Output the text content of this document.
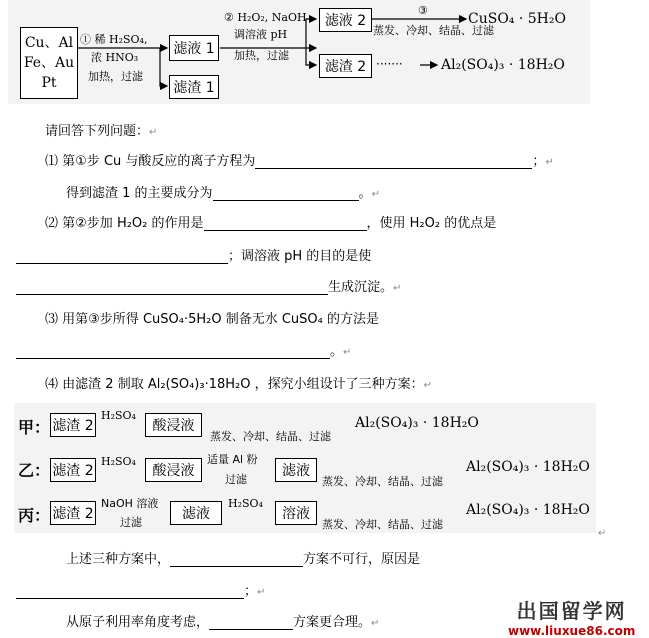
Cu、Al
Fe、Au
Pt
① 稀 H₂SO₄,
浓 HNO₃
加热，过滤
滤液 1
滤渣 1
② H₂O₂, NaOH
调溶液 pH
加热，过滤
滤液 2
滤渣 2
③
蒸发、冷却、结晶、过滤
CuSO₄ · 5H₂O
·······	Al₂(SO₄)₃ · 18H₂O
请回答下列问题：↵
⑴ 第①步 Cu 与酸反应的离子方程为	；↵
得到滤渣 1 的主要成分为	。↵
⑵ 第②步加 H₂O₂ 的作用是	，使用 H₂O₂ 的优点是
；调溶液 pH 的目的是使
生成沉淀。↵
⑶ 用第③步所得 CuSO₄·5H₂O 制备无水 CuSO₄ 的方法是
。↵
⑷ 由滤渣 2 制取 Al₂(SO₄)₃·18H₂O ，探究小组设计了三种方案：↵
甲： 滤渣 2
H₂SO₄
酸浸液
蒸发、冷却、结晶、过滤
Al₂(SO₄)₃ · 18H₂O
乙： 滤渣 2
H₂SO₄
酸浸液
适量 Al 粉
过滤
滤液
蒸发、冷却、结晶、过滤
Al₂(SO₄)₃ · 18H₂O
丙： 滤渣 2
NaOH 溶液
过滤
滤液
H₂SO₄
溶液
蒸发、冷却、结晶、过滤
Al₂(SO₄)₃ · 18H₂O
↵
上述三种方案中，	方案不可行，原因是
；↵
从原子利用率角度考虑，	方案更合理。↵
出国留学网
www.liuxue86.com
